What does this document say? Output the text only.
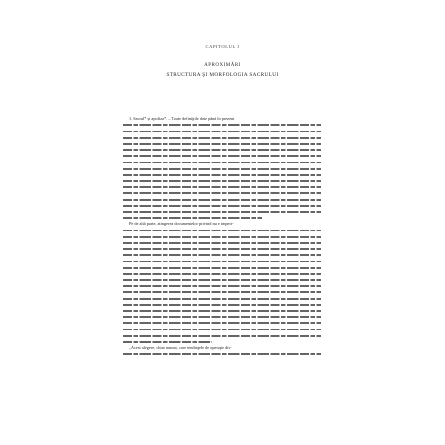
CAPITOLUL I
APROXIMĂRI
STRUCTURA ŞI MORFOLOGIA SACRULUI
1. Sacrul* și apofiza*. – Toate definiţiile date până în prezent
Pe de altă parte, atingerea documentelor privind nu e imperi-
„Acest alegere, chiar numai, care tendinţele de operaţie dis-
